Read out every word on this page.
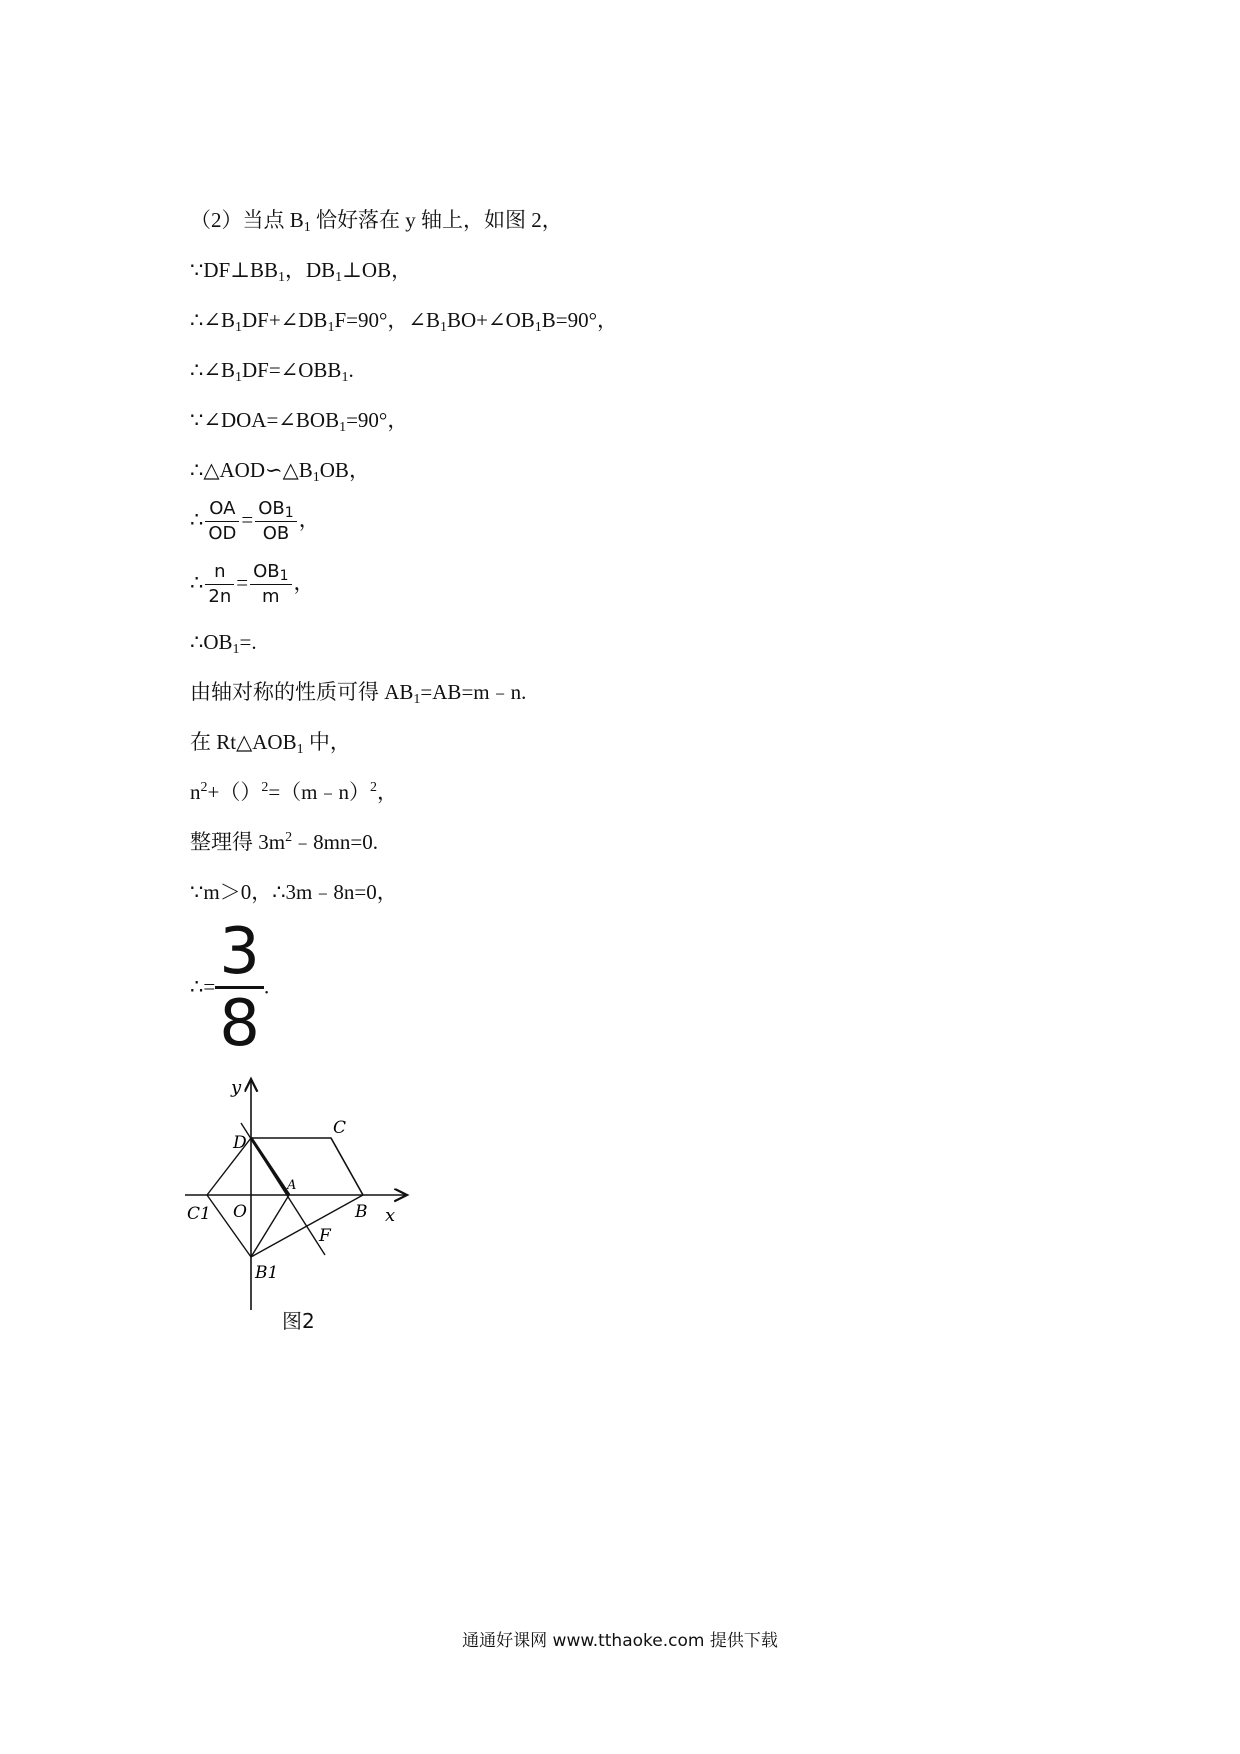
（2）当点 $B_1$ 恰好落在 y 轴上，如图 2，
$\because DF\perp BB_1$，$DB_1\perp OB$，
$\therefore\angle B_1DF+\angle DB_1F=90^\circ$，$\angle B_1BO+\angle OB_1B=90^\circ$，
$\therefore\angle B_1DF=\angle OBB_1$.
$\because\angle DOA=\angle BOB_1=90^\circ$，
$\therefore\triangle AOD∽\triangle B_1OB$，
∴ $\frac{OA}{OD} = \frac{OB_1}{OB}$ ，
∴ $\frac{n}{2n} = \frac{OB_1}{m}$ ，
$\therefore OB_1=$.
由轴对称的性质可得 $AB_1=AB=m﹣n$.
在 $Rt\triangle AOB_1$ 中，
$n^2+()^2=(m﹣n)^2$，
整理得 $3m^2﹣8mn=0$.
∵m＞0，∴3m﹣8n=0，
∴= $\frac{3}{8}$ .
y
x
D
C
A
B
O
C1
F
B1
图2
通通好课网 www.tthaoke.com 提供下载
